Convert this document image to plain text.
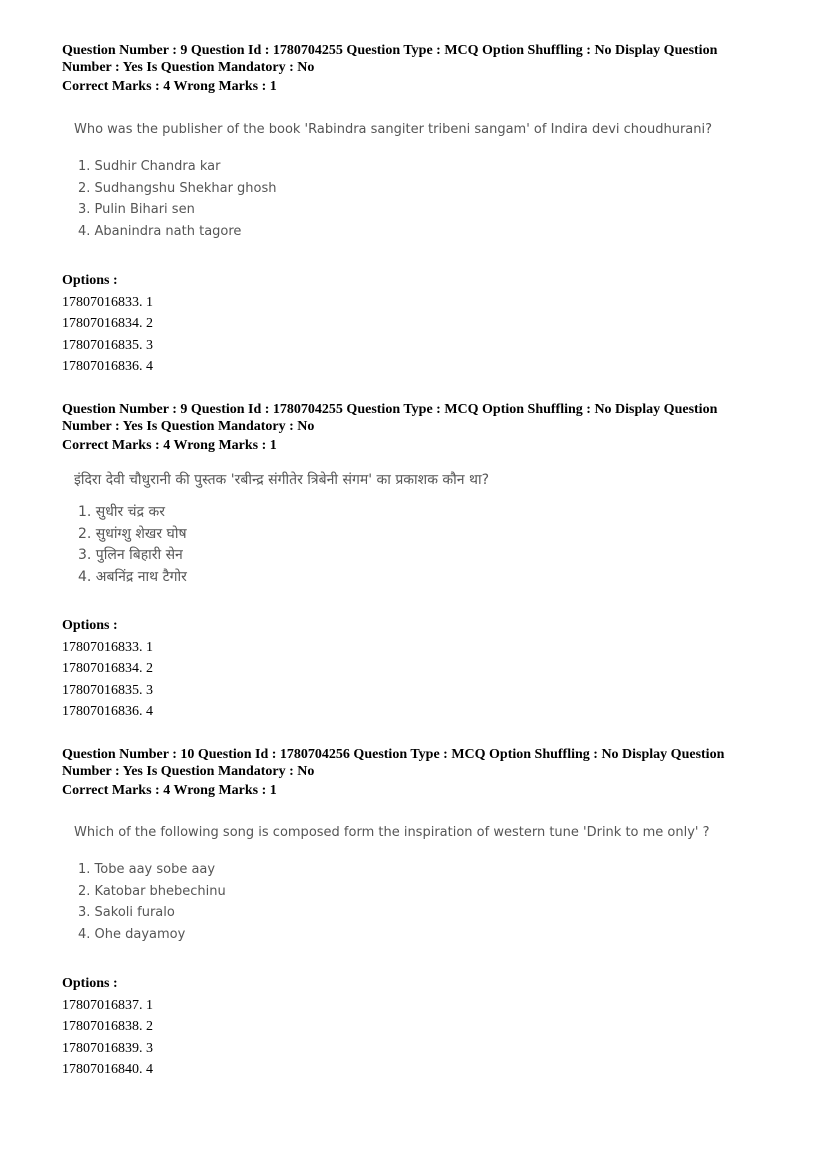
Question Number : 9 Question Id : 1780704255 Question Type : MCQ Option Shuffling : No Display Question

Number : Yes Is Question Mandatory : No

Correct Marks : 4 Wrong Marks : 1

Who was the publisher of the book 'Rabindra sangiter tribeni sangam' of Indira devi choudhurani?

1. Sudhir Chandra kar
2. Sudhangshu Shekhar ghosh
3. Pulin Bihari sen
4. Abanindra nath tagore
Options :
17807016833. 1
17807016834. 2
17807016835. 3
17807016836. 4

Question Number : 9 Question Id : 1780704255 Question Type : MCQ Option Shuffling : No Display Question

Number : Yes Is Question Mandatory : No

Correct Marks : 4 Wrong Marks : 1

इंदिरा देवी चौधुरानी की पुस्तक 'रबीन्द्र संगीतेर त्रिबेनी संगम' का प्रकाशक कौन था?

1. सुधीर चंद्र कर
2. सुधांग्शु शेखर घोष
3. पुलिन बिहारी सेन
4. अबनिंद्र नाथ टैगोर
Options :
17807016833. 1
17807016834. 2
17807016835. 3
17807016836. 4

Question Number : 10 Question Id : 1780704256 Question Type : MCQ Option Shuffling : No Display Question

Number : Yes Is Question Mandatory : No

Correct Marks : 4 Wrong Marks : 1

Which of the following song is composed form the inspiration of western tune 'Drink to me only' ?

1. Tobe aay sobe aay
2. Katobar bhebechinu
3. Sakoli furalo
4. Ohe dayamoy
Options :
17807016837. 1
17807016838. 2
17807016839. 3
17807016840. 4
